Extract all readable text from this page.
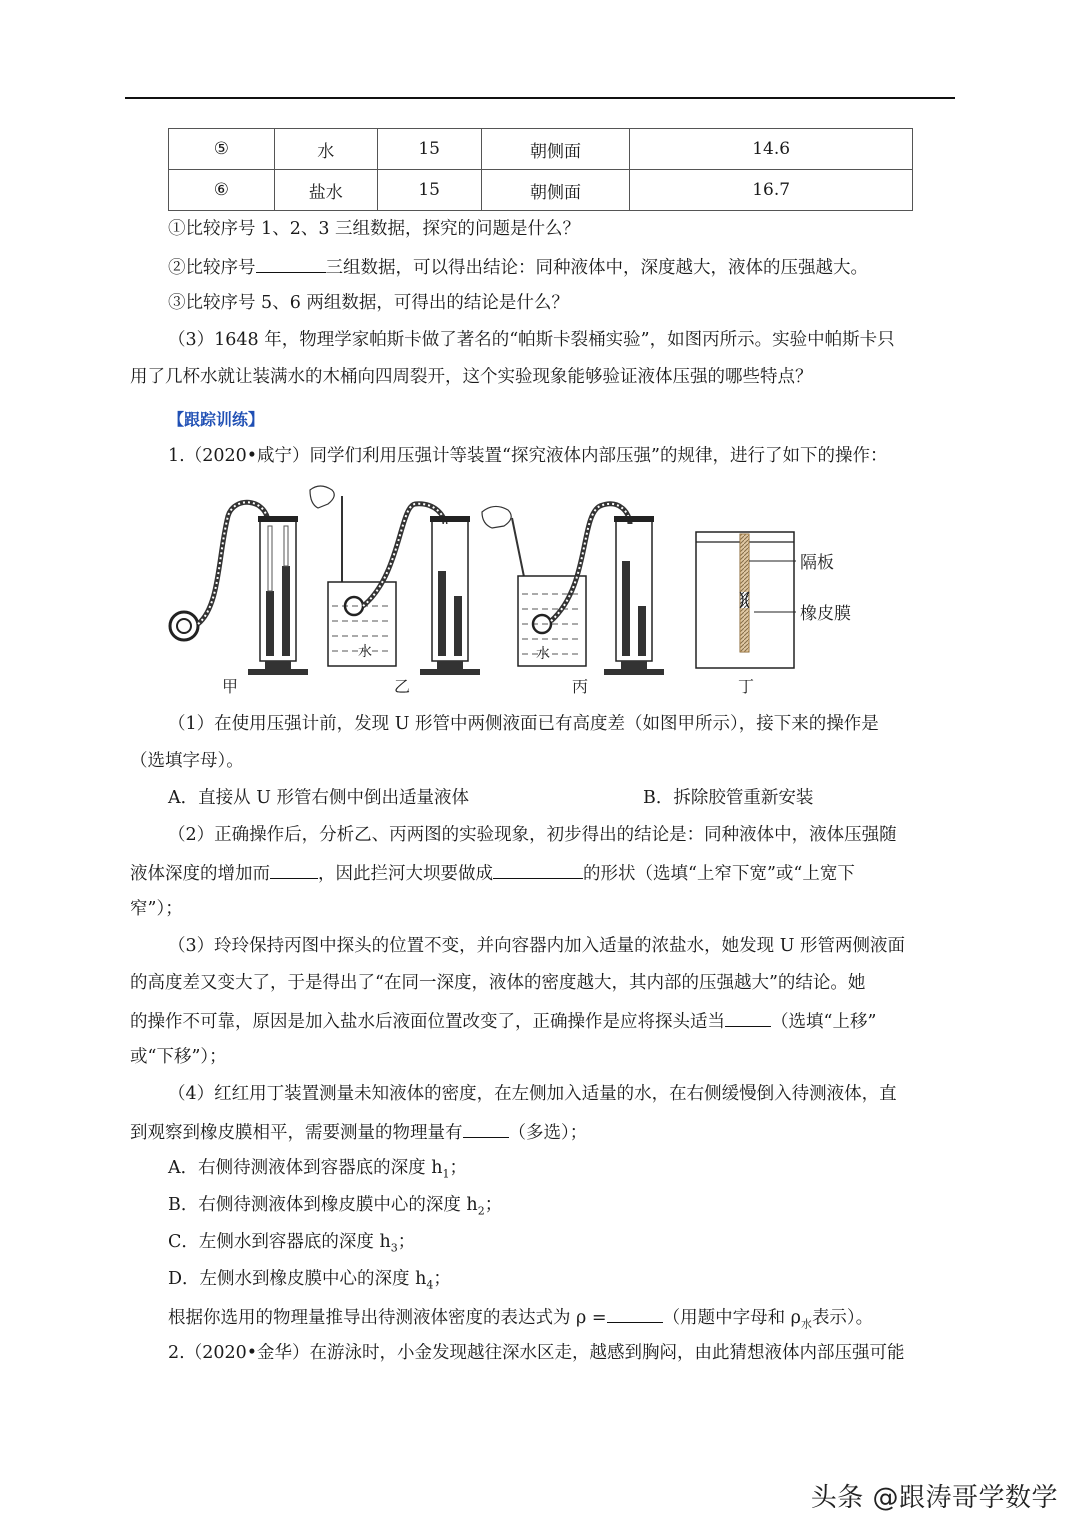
⑤	水	15	朝侧面	14.6
⑥	盐水	15	朝侧面	16.7
①比较序号 1、2、3 三组数据，探究的问题是什么？
②比较序号	三组数据，可以得出结论：同种液体中，深度越大，液体的压强越大。
③比较序号 5、6 两组数据，可得出的结论是什么？
（3）1648 年，物理学家帕斯卡做了著名的“帕斯卡裂桶实验”，如图丙所示。实验中帕斯卡只
用了几杯水就让装满水的木桶向四周裂开，这个实验现象能够验证液体压强的哪些特点？
【跟踪训练】
1.（2020•咸宁）同学们利用压强计等装置“探究液体内部压强”的规律，进行了如下的操作：
水	水
隔板
橡皮膜
甲	乙	丙	丁
（1）在使用压强计前，发现 U 形管中两侧液面已有高度差（如图甲所示），接下来的操作是
（选填字母）。
A．直接从 U 形管右侧中倒出适量液体	B．拆除胶管重新安装
（2）正确操作后，分析乙、丙两图的实验现象，初步得出的结论是：同种液体中，液体压强随
液体深度的增加而	，因此拦河大坝要做成	的形状（选填“上窄下宽”或“上宽下
窄”）；
（3）玲玲保持丙图中探头的位置不变，并向容器内加入适量的浓盐水，她发现 U 形管两侧液面
的高度差又变大了，于是得出了“在同一深度，液体的密度越大，其内部的压强越大”的结论。她
的操作不可靠，原因是加入盐水后液面位置改变了，正确操作是应将探头适当	（选填“上移”
或“下移”）；
（4）红红用丁装置测量未知液体的密度，在左侧加入适量的水，在右侧缓慢倒入待测液体，直
到观察到橡皮膜相平，需要测量的物理量有	（多选）；
A．右侧待测液体到容器底的深度 $h_1$；
B．右侧待测液体到橡皮膜中心的深度 $h_2$；
C．左侧水到容器底的深度 $h_3$；
D．左侧水到橡皮膜中心的深度 $h_4$；
根据你选用的物理量推导出待测液体密度的表达式为 ρ =	（用题中字母和 $\rho_水$表示）。
2.（2020•金华）在游泳时，小金发现越往深水区走，越感到胸闷，由此猜想液体内部压强可能
头条 @跟涛哥学数学
